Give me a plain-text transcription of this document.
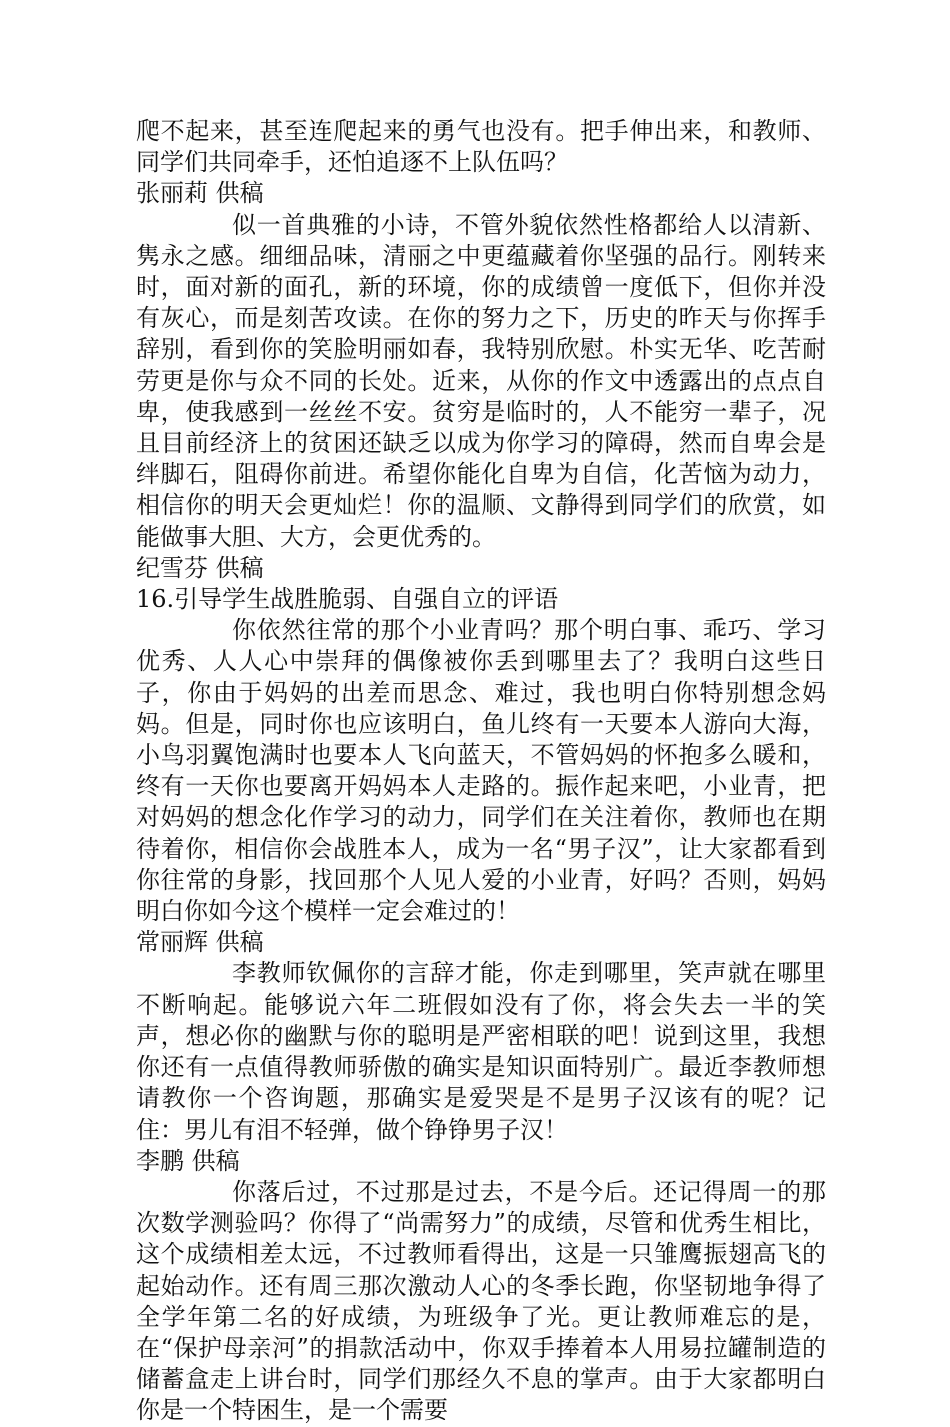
爬不起来，甚至连爬起来的勇气也没有。把手伸出来，和教师、同学们共同牵手，还怕追逐不上队伍吗？

张丽莉 供稿

似一首典雅的小诗，不管外貌依然性格都给人以清新、隽永之感。细细品味，清丽之中更蕴藏着你坚强的品行。刚转来时，面对新的面孔，新的环境，你的成绩曾一度低下，但你并没有灰心，而是刻苦攻读。在你的努力之下，历史的昨天与你挥手辞别，看到你的笑脸明丽如春，我特别欣慰。朴实无华、吃苦耐劳更是你与众不同的长处。近来，从你的作文中透露出的点点自卑，使我感到一丝丝不安。贫穷是临时的，人不能穷一辈子，况且目前经济上的贫困还缺乏以成为你学习的障碍，然而自卑会是绊脚石，阻碍你前进。希望你能化自卑为自信，化苦恼为动力，相信你的明天会更灿烂！你的温顺、文静得到同学们的欣赏，如能做事大胆、大方，会更优秀的。

纪雪芬 供稿

16.引导学生战胜脆弱、自强自立的评语

你依然往常的那个小业青吗？那个明白事、乖巧、学习优秀、人人心中崇拜的偶像被你丢到哪里去了？我明白这些日子，你由于妈妈的出差而思念、难过，我也明白你特别想念妈妈。但是，同时你也应该明白，鱼儿终有一天要本人游向大海，小鸟羽翼饱满时也要本人飞向蓝天，不管妈妈的怀抱多么暖和，终有一天你也要离开妈妈本人走路的。振作起来吧，小业青，把对妈妈的想念化作学习的动力，同学们在关注着你，教师也在期待着你，相信你会战胜本人，成为一名“男子汉”，让大家都看到你往常的身影，找回那个人见人爱的小业青，好吗？否则，妈妈明白你如今这个模样一定会难过的！

常丽辉 供稿

李教师钦佩你的言辞才能，你走到哪里，笑声就在哪里不断响起。能够说六年二班假如没有了你，将会失去一半的笑声，想必你的幽默与你的聪明是严密相联的吧！说到这里，我想你还有一点值得教师骄傲的确实是知识面特别广。最近李教师想请教你一个咨询题，那确实是爱哭是不是男子汉该有的呢？记住：男儿有泪不轻弹，做个铮铮男子汉！

李鹏 供稿

你落后过，不过那是过去，不是今后。还记得周一的那次数学测验吗？你得了“尚需努力”的成绩，尽管和优秀生相比，这个成绩相差太远，不过教师看得出，这是一只雏鹰振翅高飞的起始动作。还有周三那次激动人心的冬季长跑，你坚韧地争得了全学年第二名的好成绩，为班级争了光。更让教师难忘的是，在“保护母亲河”的捐款活动中，你双手捧着本人用易拉罐制造的储蓄盒走上讲台时，同学们那经久不息的掌声。由于大家都明白你是一个特困生，是一个需要
